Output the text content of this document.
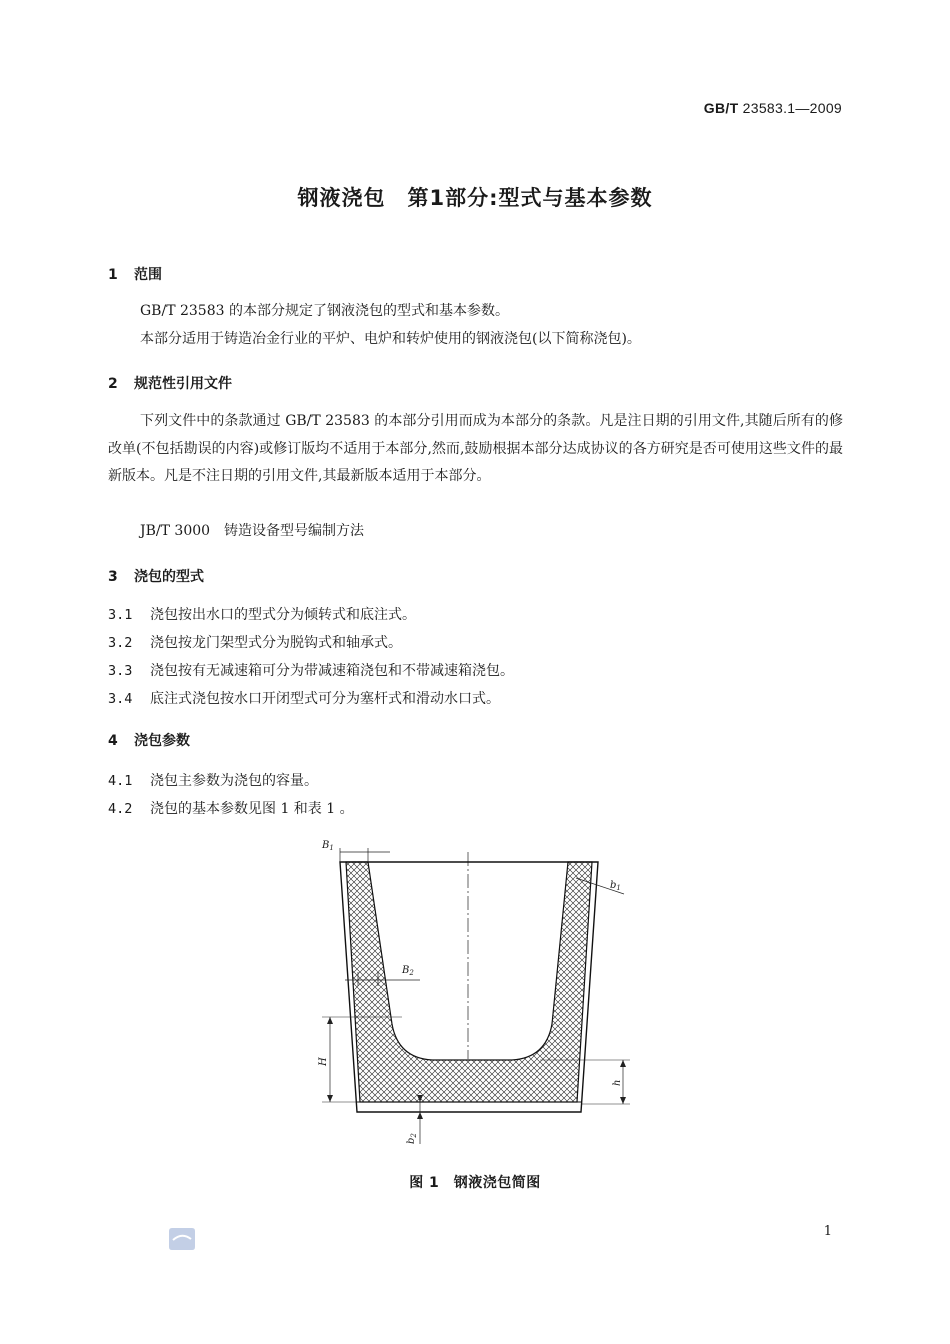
GB/T 23583.1—2009
钢液浇包　第1部分:型式与基本参数
1 范围
GB/T 23583 的本部分规定了钢液浇包的型式和基本参数。
本部分适用于铸造冶金行业的平炉、电炉和转炉使用的钢液浇包(以下简称浇包)。
2 规范性引用文件
下列文件中的条款通过 GB/T 23583 的本部分引用而成为本部分的条款。凡是注日期的引用文件,其随后所有的修改单(不包括勘误的内容)或修订版均不适用于本部分,然而,鼓励根据本部分达成协议的各方研究是否可使用这些文件的最新版本。凡是不注日期的引用文件,其最新版本适用于本部分。
JB/T 3000　 铸造设备型号编制方法
3 浇包的型式
3.1 浇包按出水口的型式分为倾转式和底注式。
3.2 浇包按龙门架型式分为脱钩式和轴承式。
3.3 浇包按有无减速箱可分为带减速箱浇包和不带减速箱浇包。
3.4 底注式浇包按水口开闭型式可分为塞杆式和滑动水口式。
4 浇包参数
4.1 浇包主参数为浇包的容量。
4.2 浇包的基本参数见图 1 和表 1 。
$B_1$
$b_1$
$B_2$
H
h
$b_2$
图 1　钢液浇包简图
1
